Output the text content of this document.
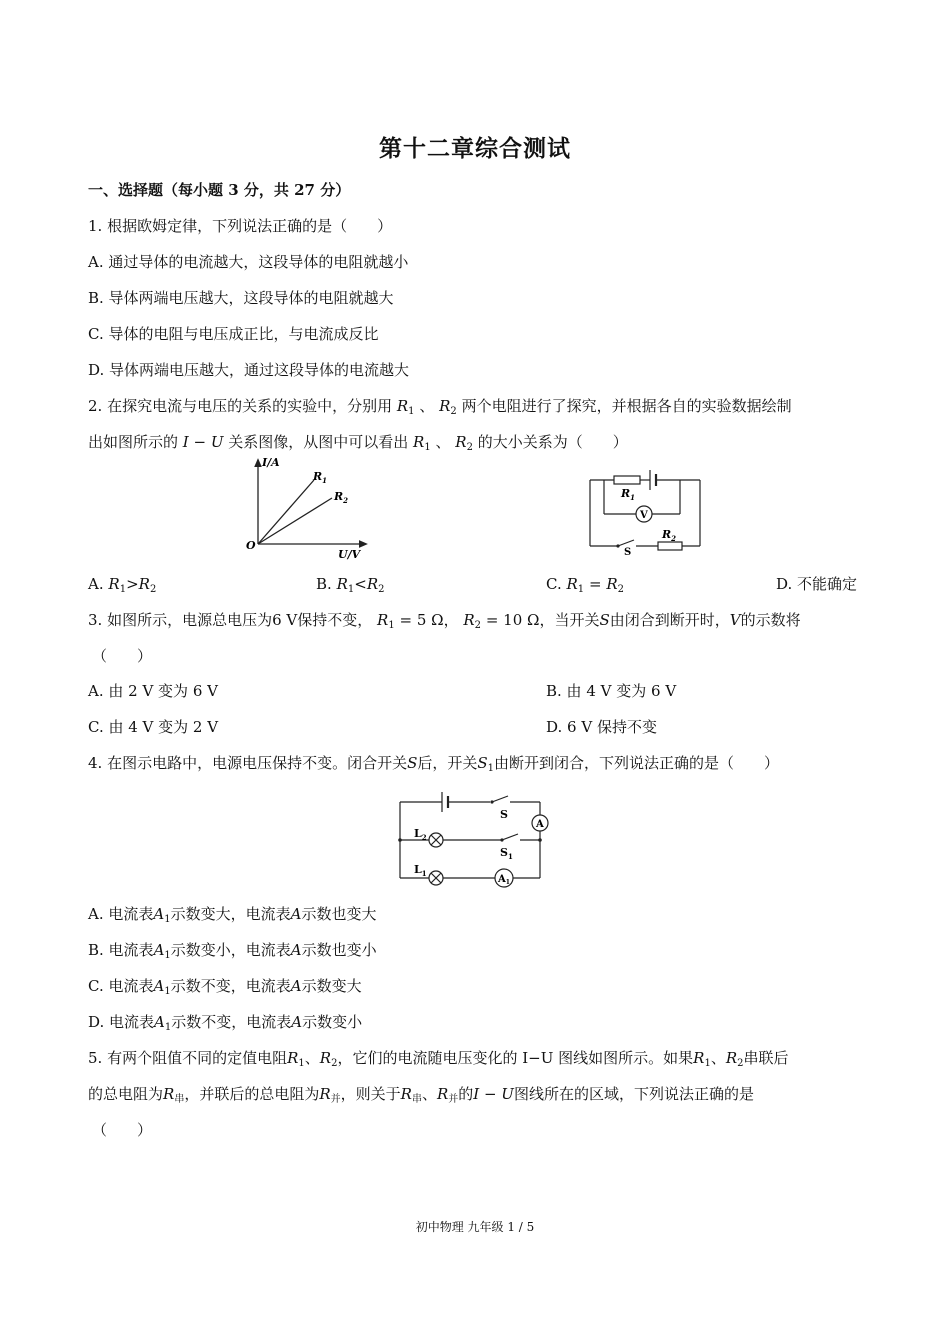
第十二章综合测试
一、选择题（每小题 3 分，共 27 分）
1. 根据欧姆定律，下列说法正确的是（　　）
A. 通过导体的电流越大，这段导体的电阻就越小
B. 导体两端电压越大，这段导体的电阻就越大
C. 导体的电阻与电压成正比，与电流成反比
D. 导体两端电压越大，通过这段导体的电流越大
2. 在探究电流与电压的关系的实验中，分别用 $R_1$ 、 $R_2$ 两个电阻进行了探究，并根据各自的实验数据绘制
出如图所示的 I − U 关系图像，从图中可以看出 $R_1$ 、 $R_2$ 的大小关系为（　　）
I/A
U/V
O
$R_1$
$R_2$
$R_1$
V
$R_2$
S
A. $R_1>R_2$	B. $R_1<R_2$	C. $R_1 = R_2$	D. 不能确定
3. 如图所示，电源总电压为6 V保持不变， $R_1 = 5$ Ω， $R_2 = 10$ Ω，当开关S由闭合到断开时，V的示数将
（　　）
A. 由 2 V 变为 6 V	B. 由 4 V 变为 6 V
C. 由 4 V 变为 2 V	D. 6 V 保持不变
4. 在图示电路中，电源电压保持不变。闭合开关S后，开关$S_1$由断开到闭合，下列说法正确的是（　　）
S
$S_1$
$L_2$
$L_1$
A
$A_1$
A. 电流表$A_1$示数变大，电流表A示数也变大
B. 电流表$A_1$示数变小，电流表A示数也变小
C. 电流表$A_1$示数不变，电流表A示数变大
D. 电流表$A_1$示数不变，电流表A示数变小
5. 有两个阻值不同的定值电阻$R_1$、$R_2$，它们的电流随电压变化的 I−U 图线如图所示。如果$R_1$、$R_2$串联后
的总电阻为$R_串$，并联后的总电阻为$R_并$，则关于$R_串$、$R_并$的I − U图线所在的区域，下列说法正确的是
（　　）
初中物理 九年级 1 / 5
